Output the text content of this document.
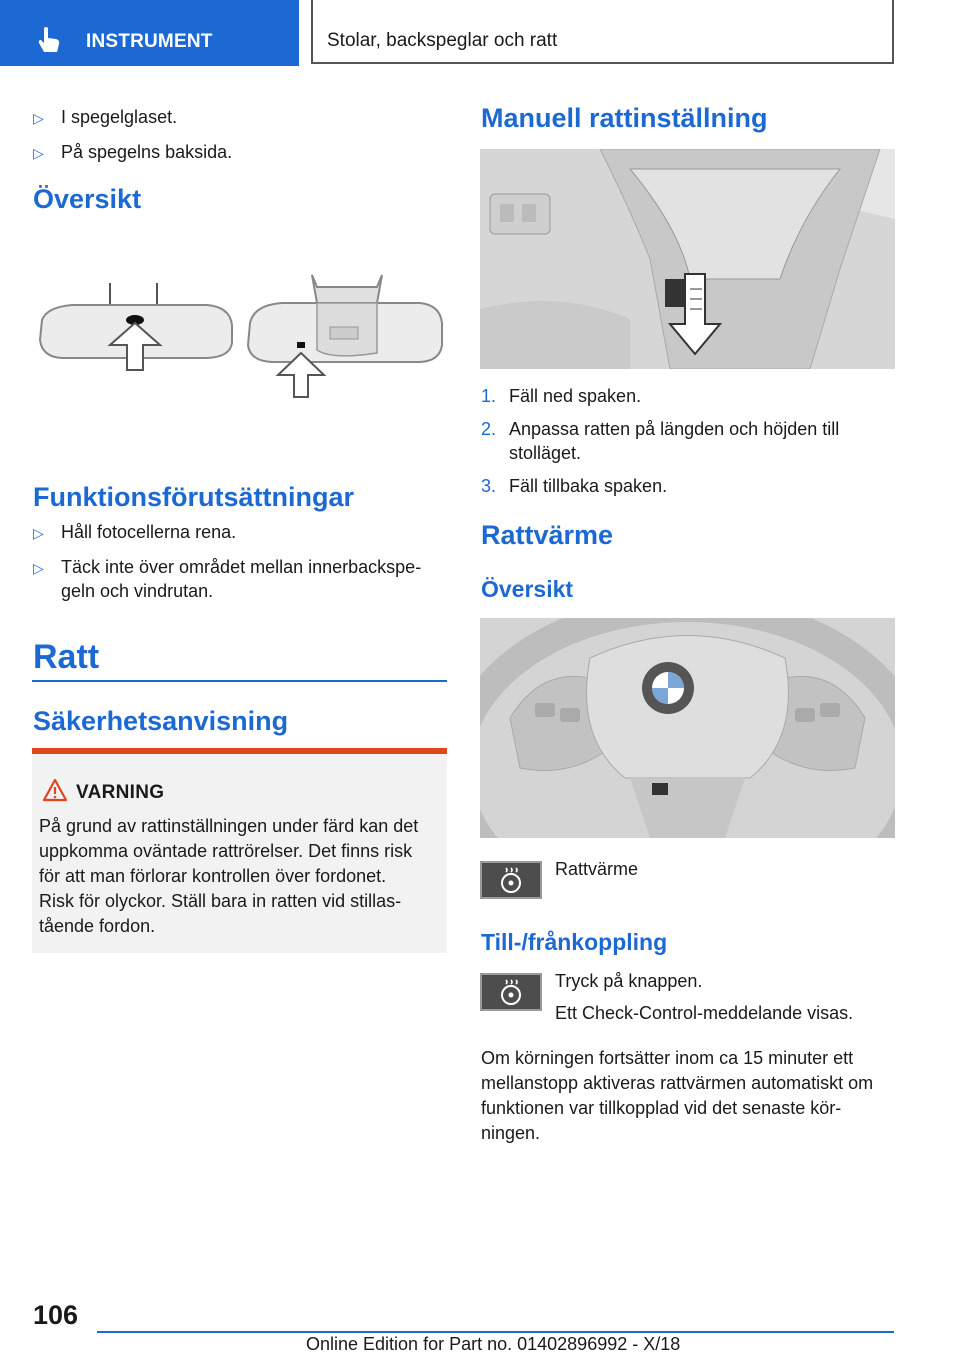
INSTRUMENT	Stolar, backspeglar och ratt
▷ I spegelglaset.
▷ På spegelns baksida.
Översikt
Funktionsförutsättningar
▷ Håll fotocellerna rena.
▷ Täck inte över området mellan innerbackspegeln och vindrutan.
Ratt
Säkerhetsanvisning
VARNING
På grund av rattinställningen under färd kan det
uppkomma oväntade rattrörelser. Det finns risk
för att man förlorar kontrollen över fordonet.
Risk för olyckor. Ställ bara in ratten vid stillas‐
tående fordon.
Manuell rattinställning
1. Fäll ned spaken.
2. Anpassa ratten på längden och höjden till stolläget.
3. Fäll tillbaka spaken.
Rattvärme
Översikt
Rattvärme
Till-/frånkoppling
Tryck på knappen.
Ett Check-Control-meddelande visas.
Om körningen fortsätter inom ca 15 minuter ett
mellanstopp aktiveras rattvärmen automatiskt om
funktionen var tillkopplad vid det senaste kör‐
ningen.
106
Online Edition for Part no. 01402896992 - X/18
